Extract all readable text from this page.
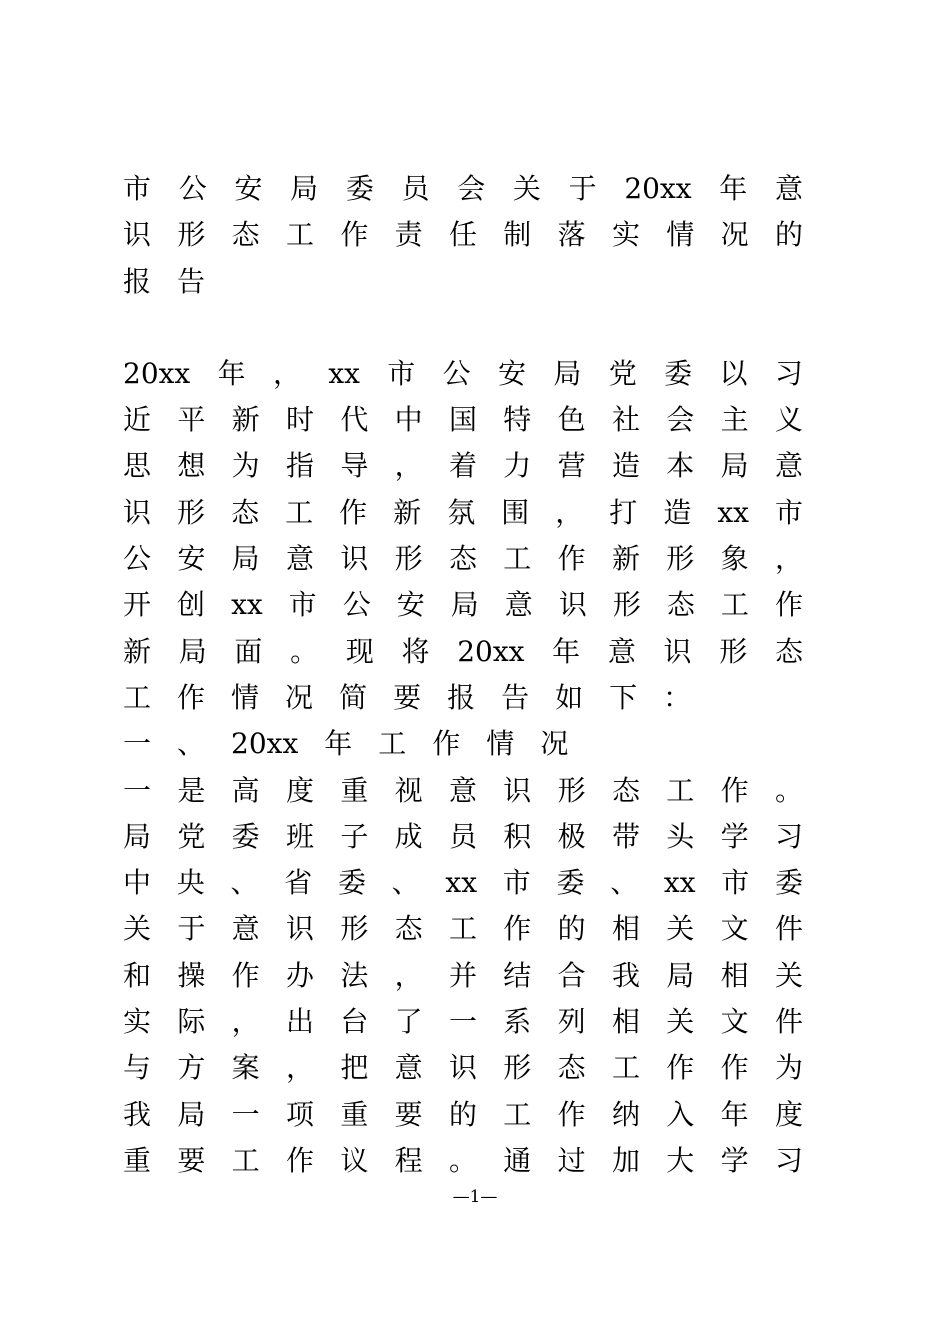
市 公 安 局 委 员 会 关 于 20xx 年 意
识 形 态 工 作 责 任 制 落 实 情 况 的
报 告
20xx 年 ， xx 市 公 安 局 党 委 以 习
近 平 新 时 代 中 国 特 色 社 会 主 义
思 想 为 指 导 ， 着 力 营 造 本 局 意
识 形 态 工 作 新 氛 围 ， 打 造 xx 市
公 安 局 意 识 形 态 工 作 新 形 象 ，
开 创 xx 市 公 安 局 意 识 形 态 工 作
新 局 面 。 现 将 20xx 年 意 识 形 态
工 作 情 况 简 要 报 告 如 下 ：
一 、 20xx 年 工 作 情 况
一 是 高 度 重 视 意 识 形 态 工 作 。
局 党 委 班 子 成 员 积 极 带 头 学 习
中 央 、 省 委 、 xx 市 委 、 xx 市 委
关 于 意 识 形 态 工 作 的 相 关 文 件
和 操 作 办 法 ， 并 结 合 我 局 相 关
实 际 ， 出 台 了 一 系 列 相 关 文 件
与 方 案 ， 把 意 识 形 态 工 作 作 为
我 局 一 项 重 要 的 工 作 纳 入 年 度
重 要 工 作 议 程 。 通 过 加 大 学 习
—1—
